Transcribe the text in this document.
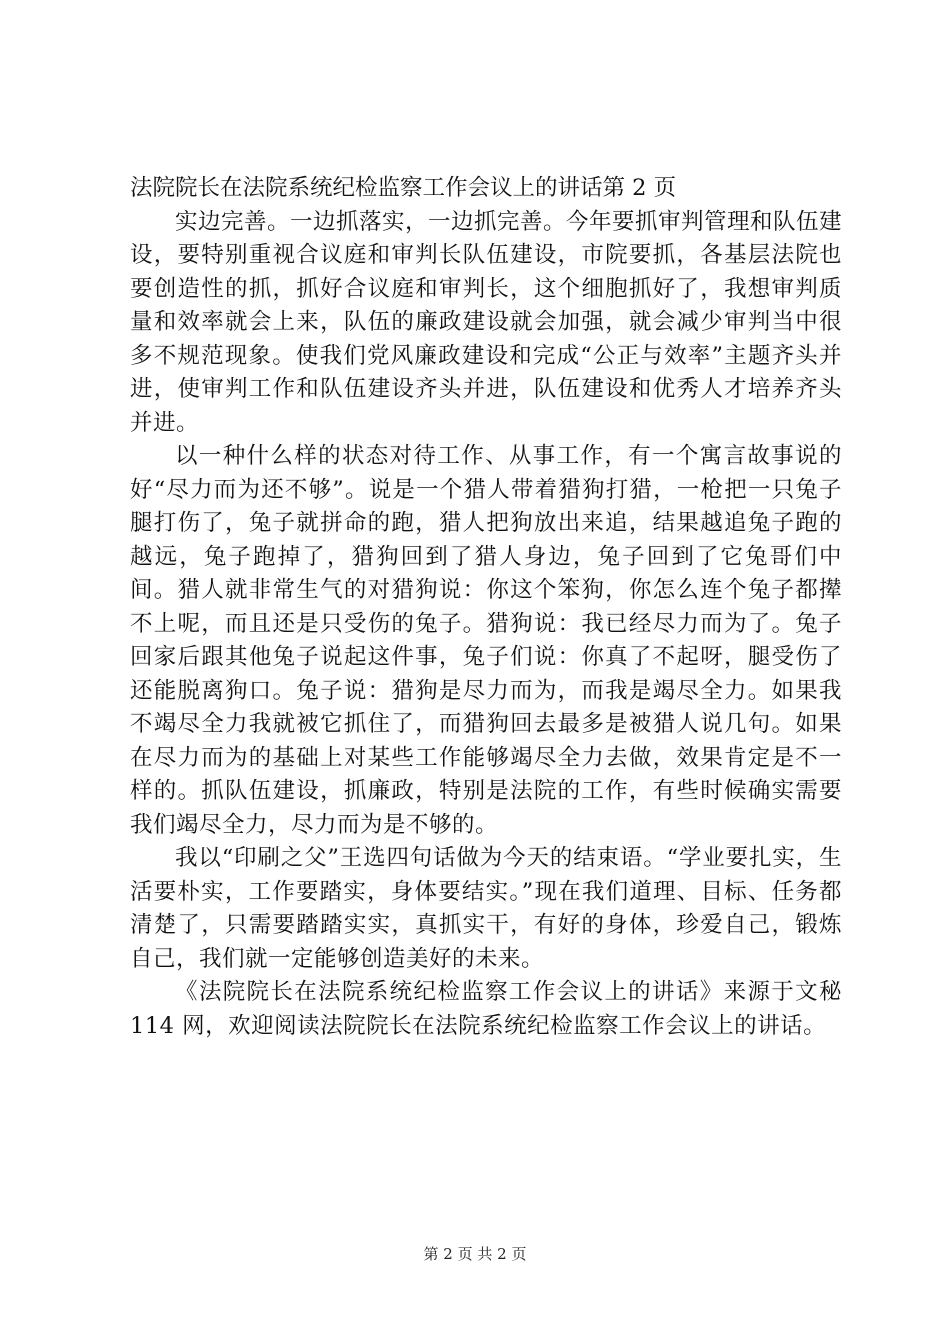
法院院长在法院系统纪检监察工作会议上的讲话第 2 页

实边完善。一边抓落实，一边抓完善。今年要抓审判管理和队伍建设，要特别重视合议庭和审判长队伍建设，市院要抓，各基层法院也要创造性的抓，抓好合议庭和审判长，这个细胞抓好了，我想审判质量和效率就会上来，队伍的廉政建设就会加强，就会减少审判当中很多不规范现象。使我们党风廉政建设和完成“公正与效率”主题齐头并进，使审判工作和队伍建设齐头并进，队伍建设和优秀人才培养齐头并进。

以一种什么样的状态对待工作、从事工作，有一个寓言故事说的好“尽力而为还不够”。说是一个猎人带着猎狗打猎，一枪把一只兔子腿打伤了，兔子就拼命的跑，猎人把狗放出来追，结果越追兔子跑的越远，兔子跑掉了，猎狗回到了猎人身边，兔子回到了它兔哥们中间。猎人就非常生气的对猎狗说：你这个笨狗，你怎么连个兔子都撵不上呢，而且还是只受伤的兔子。猎狗说：我已经尽力而为了。兔子回家后跟其他兔子说起这件事，兔子们说：你真了不起呀，腿受伤了还能脱离狗口。兔子说：猎狗是尽力而为，而我是竭尽全力。如果我不竭尽全力我就被它抓住了，而猎狗回去最多是被猎人说几句。如果在尽力而为的基础上对某些工作能够竭尽全力去做，效果肯定是不一样的。抓队伍建设，抓廉政，特别是法院的工作，有些时候确实需要我们竭尽全力，尽力而为是不够的。

我以“印刷之父”王选四句话做为今天的结束语。“学业要扎实，生活要朴实，工作要踏实，身体要结实。”现在我们道理、目标、任务都清楚了，只需要踏踏实实，真抓实干，有好的身体，珍爱自己，锻炼自己，我们就一定能够创造美好的未来。

《法院院长在法院系统纪检监察工作会议上的讲话》来源于文秘 114 网，欢迎阅读法院院长在法院系统纪检监察工作会议上的讲话。

第 2 页 共 2 页
